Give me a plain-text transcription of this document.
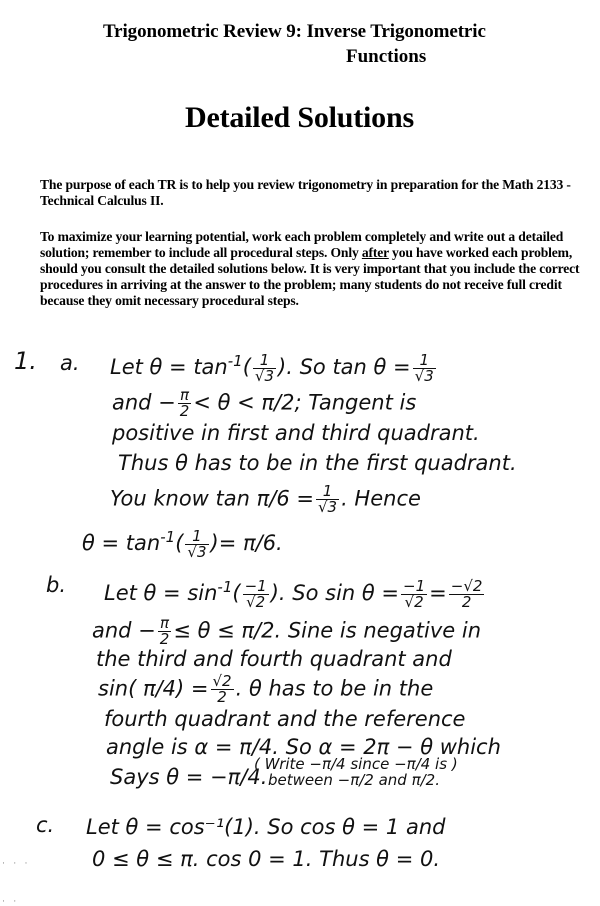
Trigonometric Review 9: Inverse Trigonometric
Functions
Detailed Solutions
The purpose of each TR is to help you review trigonometry in preparation for the Math 2133 - Technical Calculus II.
To maximize your learning potential, work each problem completely and write out a detailed solution; remember to include all procedural steps. Only after you have worked each problem, should you consult the detailed solutions below. It is very important that you include the correct procedures in arriving at the answer to the problem; many students do not receive full credit because they omit necessary procedural steps.
1. a. Let $\theta = \tan^{-1}( \frac{1}{√3}$ ). So $\tan \theta = \frac{1}{√3}$
and − $\frac{\pi}{2} < \theta < \pi/2$; Tangent is
positive in first and third quadrant.
Thus θ has to be in the first quadrant.
You know $\tan \pi/6 = \frac{1}{√3}$ . Hence
$\theta = \tan^{-1}( \frac{1}{√3}$ )= π/6.
b. Let $\theta = \sin^{-1}( \frac{-1}{√2}$ ). So $\sin \theta = \frac{-1}{√2} = \frac{-√2}{2}$
and − $\frac{\pi}{2} \le \theta \le \pi/2$. Sine is negative in
the third and fourth quadrant and
sin( $\pi/4) = \frac{√2}{2}$ . θ has to be in the
fourth quadrant and the reference
angle is α = π/4. So α = 2π − θ which
Says θ = −π/4.
( Write −π/4 since −π/4 is )
between −π/2 and π/2.
c. Let θ = cos⁻¹(1). So cos θ = 1 and
0 ≤ θ ≤ π. cos 0 = 1. Thus θ = 0.
· · ·
· ·
